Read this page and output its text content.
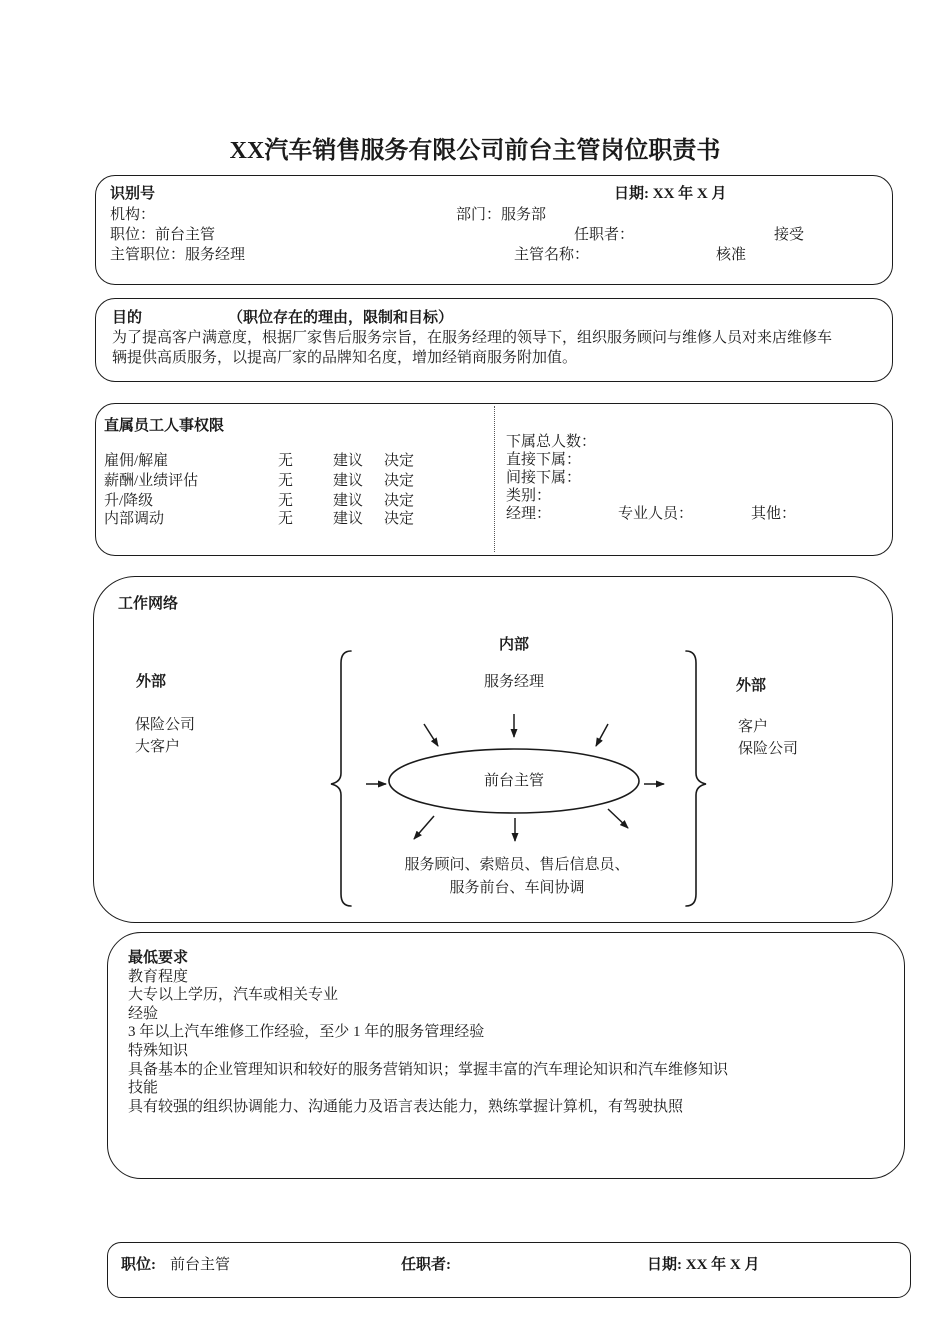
XX汽车销售服务有限公司前台主管岗位职责书
识别号	日期: XX 年 X 月
机构：	部门：服务部
职位：前台主管	任职者：	接受
主管职位：服务经理	主管名称：	核准
目的	（职位存在的理由，限制和目标）
为了提高客户满意度，根据厂家售后服务宗旨，在服务经理的领导下，组织服务顾问与维修人员对来店维修车辆提供高质服务，以提高厂家的品牌知名度，增加经销商服务附加值。
直属员工人事权限
雇佣/解雇	无	建议 决定
薪酬/业绩评估	无	建议 决定
升/降级	无	建议 决定
内部调动	无	建议 决定
下属总人数：
直接下属：
间接下属：
类别：
经理：	专业人员：	其他：
工作网络
内部
服务经理
外部
保险公司
大客户
外部
客户
保险公司
前台主管
服务顾问、索赔员、售后信息员、
服务前台、车间协调
最低要求
教育程度
大专以上学历，汽车或相关专业
经验
3 年以上汽车维修工作经验，至少 1 年的服务管理经验
特殊知识
具备基本的企业管理知识和较好的服务营销知识；掌握丰富的汽车理论知识和汽车维修知识
技能
具有较强的组织协调能力、沟通能力及语言表达能力，熟练掌握计算机，有驾驶执照
职位: 前台主管	任职者:	日期: XX 年 X 月
